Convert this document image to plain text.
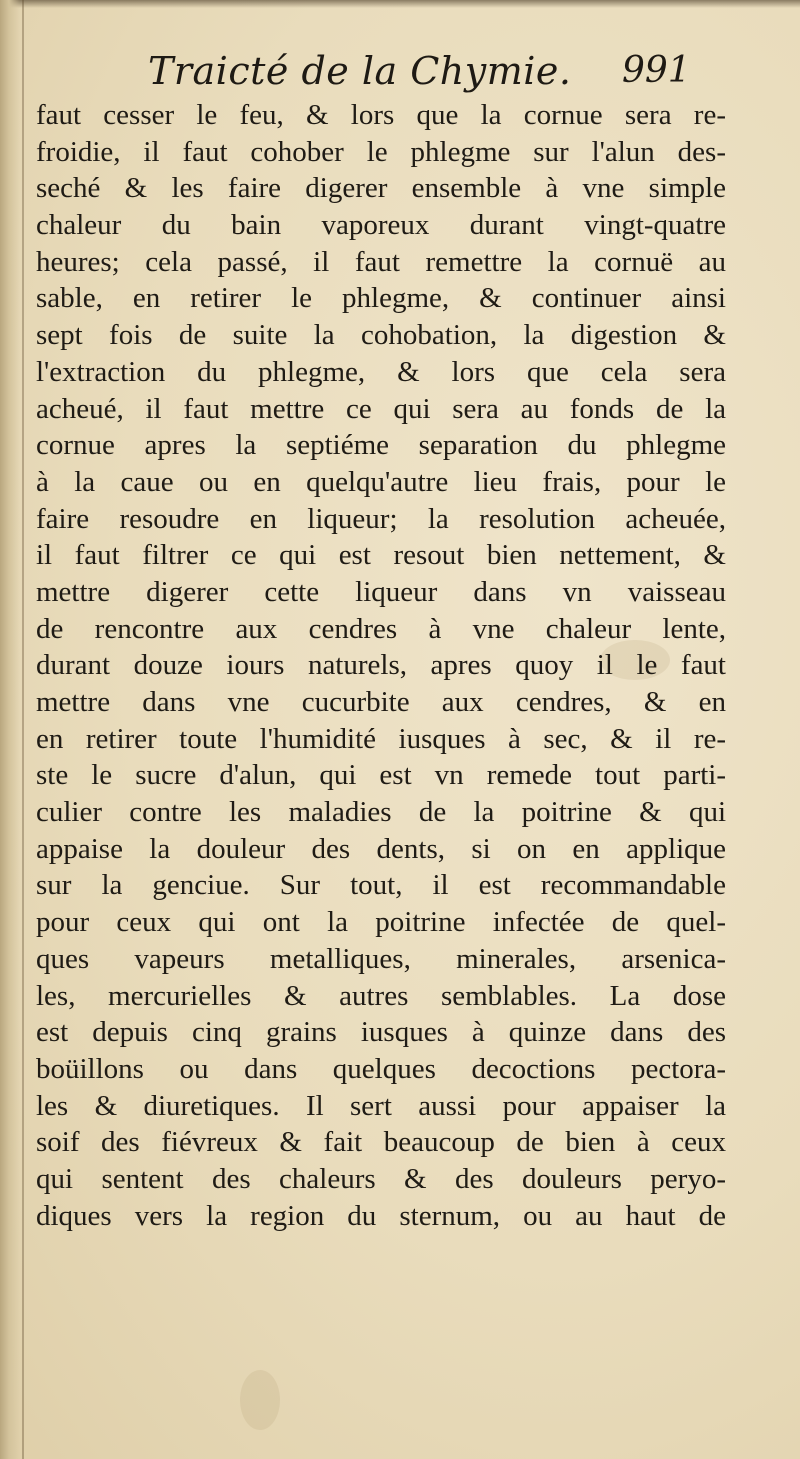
Traicté de la Chymie. 991
faut cesser le feu, & lors que la cornue sera re-
froidie, il faut cohober le phlegme sur l'alun des-
seché & les faire digerer ensemble à vne simple
chaleur du bain vaporeux durant vingt-quatre
heures; cela passé, il faut remettre la cornuë au
sable, en retirer le phlegme, & continuer ainsi
sept fois de suite la cohobation, la digestion &
l'extraction du phlegme, & lors que cela sera
acheué, il faut mettre ce qui sera au fonds de la
cornue apres la septiéme separation du phlegme
à la caue ou en quelqu'autre lieu frais, pour le
faire resoudre en liqueur; la resolution acheuée,
il faut filtrer ce qui est resout bien nettement, &
mettre digerer cette liqueur dans vn vaisseau
de rencontre aux cendres à vne chaleur lente,
durant douze iours naturels, apres quoy il le faut
mettre dans vne cucurbite aux cendres, & en
en retirer toute l'humidité iusques à sec, & il re-
ste le sucre d'alun, qui est vn remede tout parti-
culier contre les maladies de la poitrine & qui
appaise la douleur des dents, si on en applique
sur la genciue. Sur tout, il est recommandable
pour ceux qui ont la poitrine infectée de quel-
ques vapeurs metalliques, minerales, arsenica-
les, mercurielles & autres semblables. La dose
est depuis cinq grains iusques à quinze dans des
boüillons ou dans quelques decoctions pectora-
les & diuretiques. Il sert aussi pour appaiser la
soif des fiévreux & fait beaucoup de bien à ceux
qui sentent des chaleurs & des douleurs peryo-
diques vers la region du sternum, ou au haut de
